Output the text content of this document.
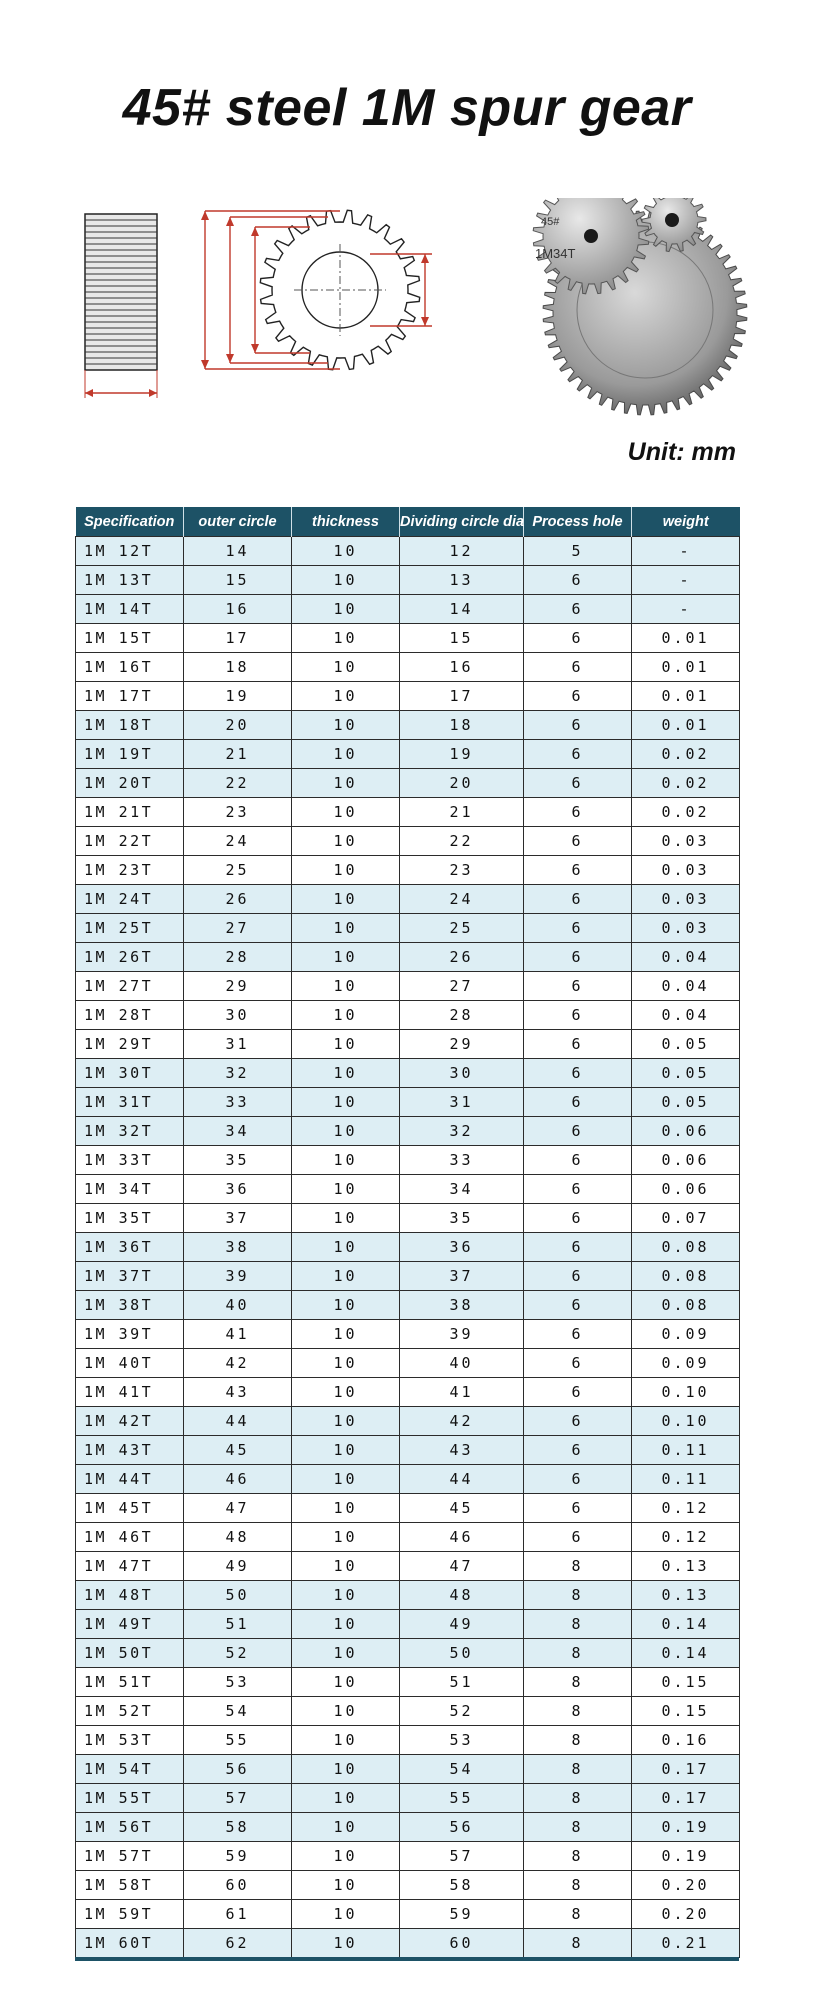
45# steel 1M spur gear
45#
1M34T
Unit: mm
Specification	outer circle	thickness	Dividing circle dia	Process hole	weight
1M 12T	14	10	12	5	-
1M 13T	15	10	13	6	-
1M 14T	16	10	14	6	-
1M 15T	17	10	15	6	0.01
1M 16T	18	10	16	6	0.01
1M 17T	19	10	17	6	0.01
1M 18T	20	10	18	6	0.01
1M 19T	21	10	19	6	0.02
1M 20T	22	10	20	6	0.02
1M 21T	23	10	21	6	0.02
1M 22T	24	10	22	6	0.03
1M 23T	25	10	23	6	0.03
1M 24T	26	10	24	6	0.03
1M 25T	27	10	25	6	0.03
1M 26T	28	10	26	6	0.04
1M 27T	29	10	27	6	0.04
1M 28T	30	10	28	6	0.04
1M 29T	31	10	29	6	0.05
1M 30T	32	10	30	6	0.05
1M 31T	33	10	31	6	0.05
1M 32T	34	10	32	6	0.06
1M 33T	35	10	33	6	0.06
1M 34T	36	10	34	6	0.06
1M 35T	37	10	35	6	0.07
1M 36T	38	10	36	6	0.08
1M 37T	39	10	37	6	0.08
1M 38T	40	10	38	6	0.08
1M 39T	41	10	39	6	0.09
1M 40T	42	10	40	6	0.09
1M 41T	43	10	41	6	0.10
1M 42T	44	10	42	6	0.10
1M 43T	45	10	43	6	0.11
1M 44T	46	10	44	6	0.11
1M 45T	47	10	45	6	0.12
1M 46T	48	10	46	6	0.12
1M 47T	49	10	47	8	0.13
1M 48T	50	10	48	8	0.13
1M 49T	51	10	49	8	0.14
1M 50T	52	10	50	8	0.14
1M 51T	53	10	51	8	0.15
1M 52T	54	10	52	8	0.15
1M 53T	55	10	53	8	0.16
1M 54T	56	10	54	8	0.17
1M 55T	57	10	55	8	0.17
1M 56T	58	10	56	8	0.19
1M 57T	59	10	57	8	0.19
1M 58T	60	10	58	8	0.20
1M 59T	61	10	59	8	0.20
1M 60T	62	10	60	8	0.21
